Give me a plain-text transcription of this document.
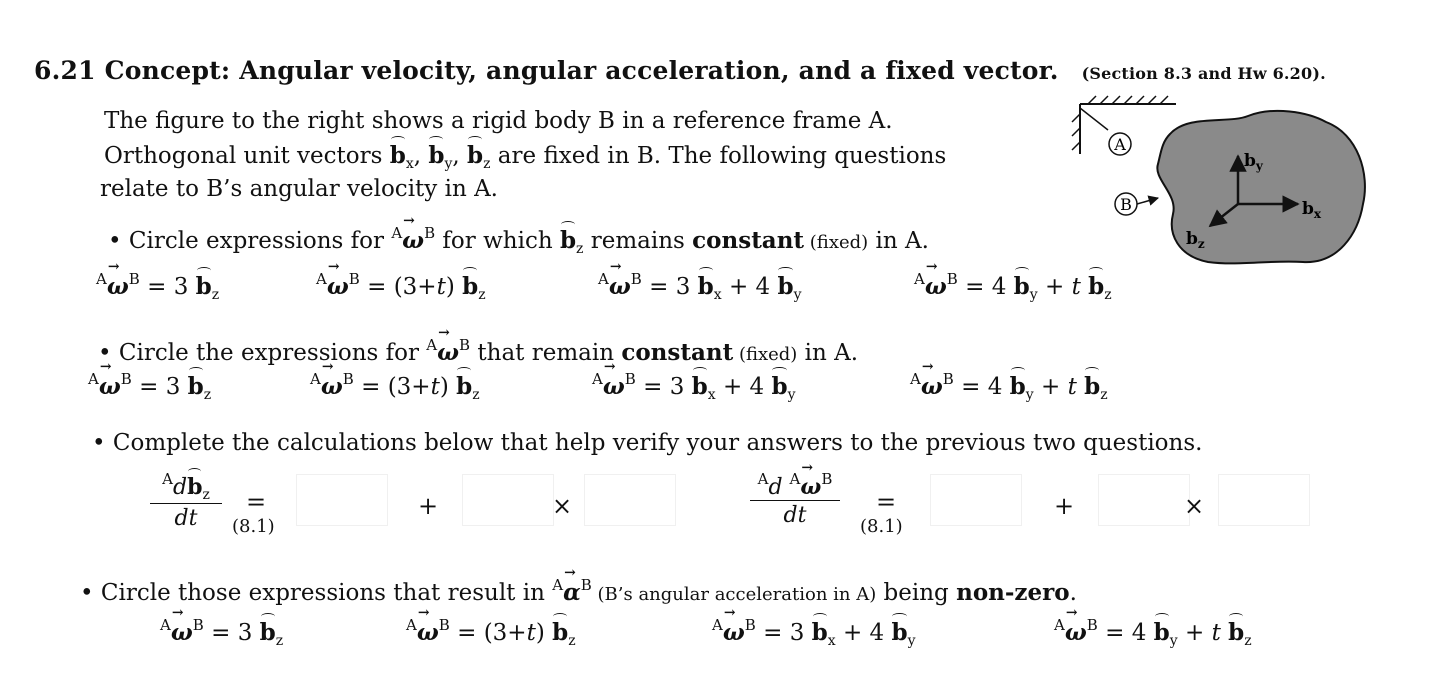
6.21 Concept: Angular velocity, angular acceleration, and a fixed vector. (Section 8.3 and Hw 6.20).
The figure to the right shows a rigid body B in a reference frame A.
Orthogonal unit vectors $b_x$, $b_y$, $b_z$ are fixed in B. The following questions
relate to B’s angular velocity in A.
• Circle expressions for $^A$ω →$^B$ for which $b_z$ remains constant (fixed) in A.
$^A$ω →$^B$ = 3 $b_z$
$^A$ω →$^B$ = (3+t) $b_z$
$^A$ω →$^B$ = 3 $b_x + 4$ $b_y$
$^A$ω →$^B$ = 4 $b_y + t$ $b_z$
• Circle the expressions for $^A$ω →$^B$ that remain constant (fixed) in A.
$^A$ω →$^B$ = 3 $b_z$
$^A$ω →$^B$ = (3+t) $b_z$
$^A$ω →$^B$ = 3 $b_x + 4$ $b_y$
$^A$ω →$^B$ = 4 $b_y + t$ $b_z$
• Complete the calculations below that help verify your answers to the previous two questions.
$^Adb_z$
dt
=
(8.1)
+	×
$^A$d $^A$ω →$^B$
dt	=
(8.1)
+	×
• Circle those expressions that result in $^A$α →$^B$ (B’s angular acceleration in A) being non-zero.
$^A$ω →$^B$ = 3 $b_z$
$^A$ω →$^B$ = (3+t) $b_z$
$^A$ω →$^B$ = 3 $b_x + 4$ $b_y$
$^A$ω →$^B$ = 4 $b_y + t$ $b_z$
A
B	$b_x$
$b_y$
$b_z$
